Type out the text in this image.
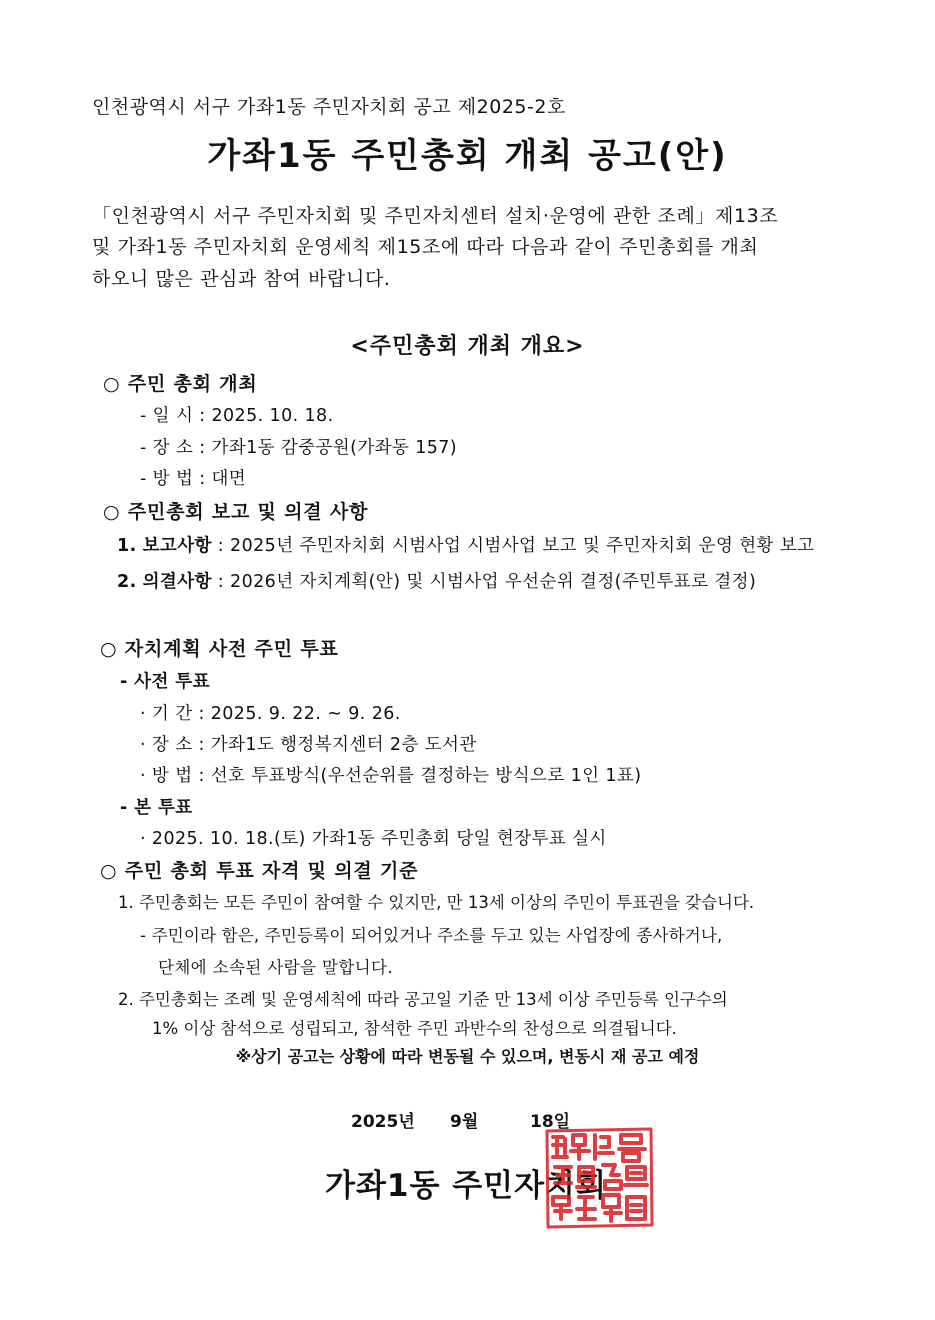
인천광역시 서구 가좌1동 주민자치회 공고 제2025-2호
가좌1동 주민총회 개최 공고(안)
「인천광역시 서구 주민자치회 및 주민자치센터 설치·운영에 관한 조례」제13조
및 가좌1동 주민자치회 운영세칙 제15조에 따라 다음과 같이 주민총회를 개최
하오니 많은 관심과 참여 바랍니다.
<주민총회 개최 개요>
○ 주민 총회 개최
- 일 시 : 2025. 10. 18.
- 장 소 : 가좌1동 감중공원(가좌동 157)
- 방 법 : 대면
○ 주민총회 보고 및 의결 사항
1. 보고사항 : 2025년 주민자치회 시범사업 시범사업 보고 및 주민자치회 운영 현황 보고
2. 의결사항 : 2026년 자치계획(안) 및 시범사업 우선순위 결정(주민투표로 결정)
○ 자치계획 사전 주민 투표
- 사전 투표
· 기 간 : 2025. 9. 22. ~ 9. 26.
· 장 소 : 가좌1도 행정복지센터 2층 도서관
· 방 법 : 선호 투표방식(우선순위를 결정하는 방식으로 1인 1표)
- 본 투표
· 2025. 10. 18.(토) 가좌1동 주민총회 당일 현장투표 실시
○ 주민 총회 투표 자격 및 의결 기준
1. 주민총회는 모든 주민이 참여할 수 있지만, 만 13세 이상의 주민이 투표권을 갖습니다.
- 주민이라 함은, 주민등록이 되어있거나 주소를 두고 있는 사업장에 종사하거나,
단체에 소속된 사람을 말합니다.
2. 주민총회는 조례 및 운영세칙에 따라 공고일 기준 만 13세 이상 주민등록 인구수의
1% 이상 참석으로 성립되고, 참석한 주민 과반수의 찬성으로 의결됩니다.
※상기 공고는 상황에 따라 변동될 수 있으며, 변동시 재 공고 예정
2025년 9월	18일
가좌1동 주민자치회
